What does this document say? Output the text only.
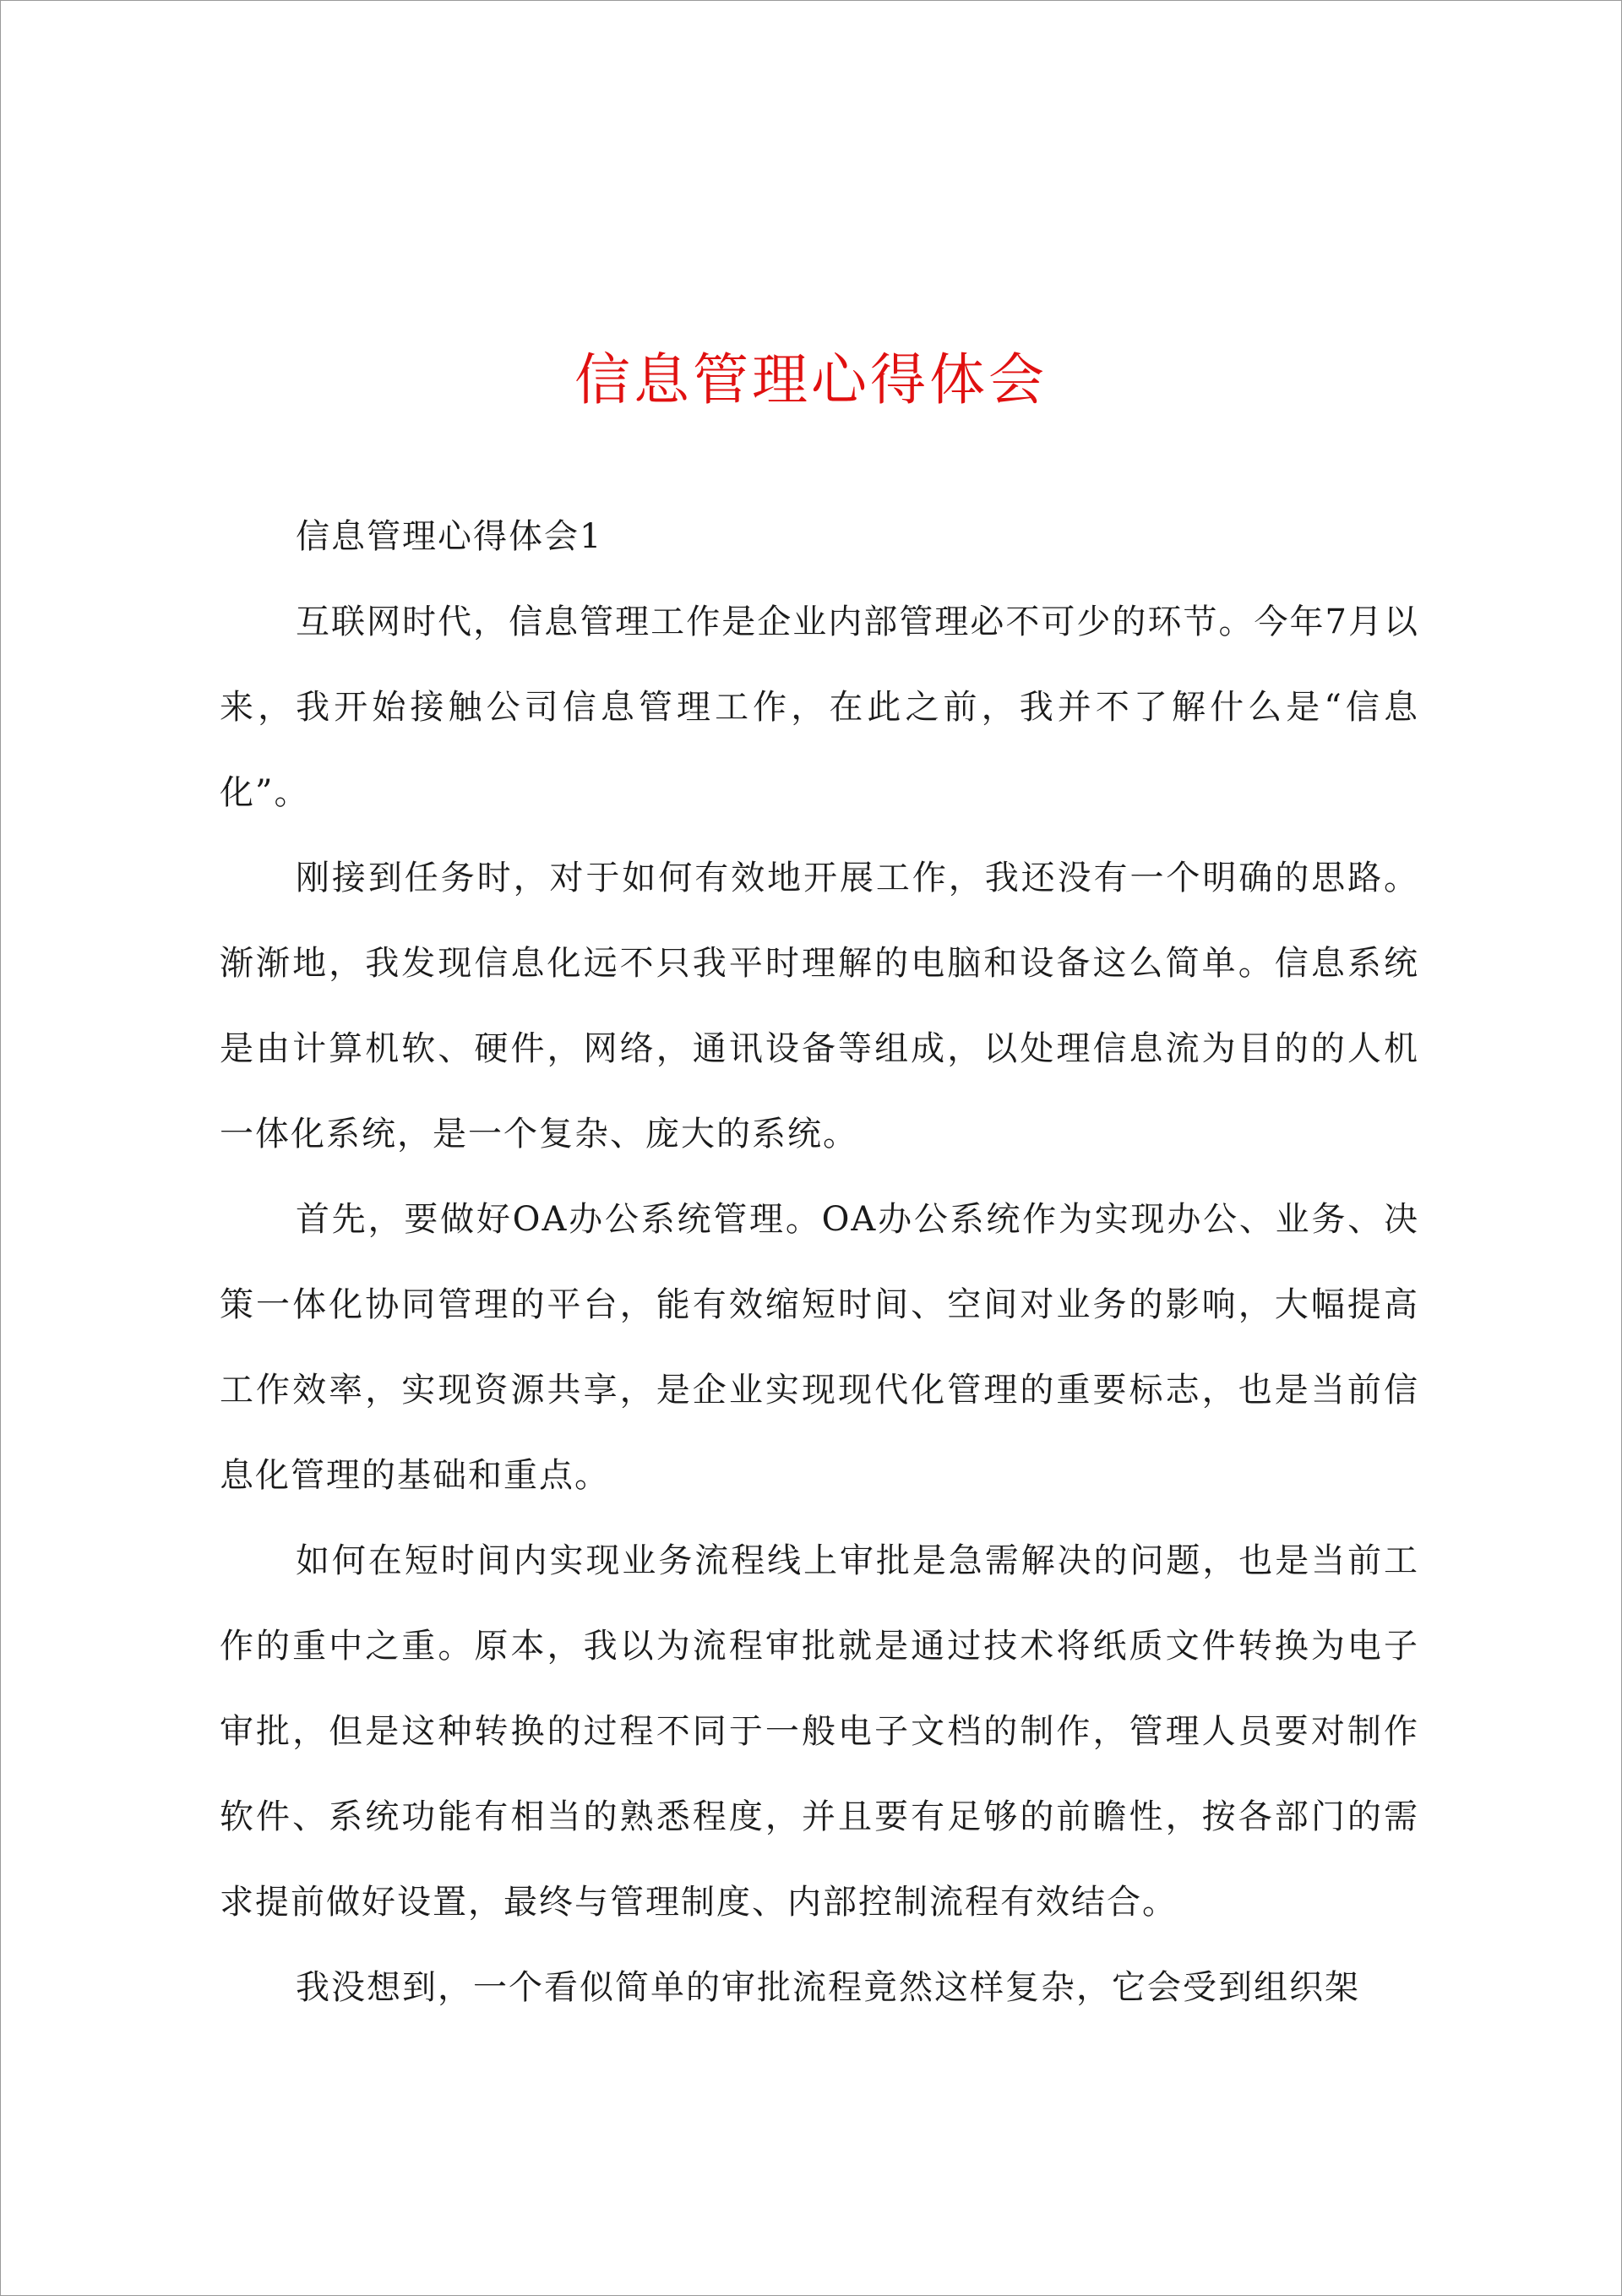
信息管理心得体会

信息管理心得体会1

互联网时代，信息管理工作是企业内部管理必不可少的环节。今年7月以来，我开始接触公司信息管理工作，在此之前，我并不了解什么是“信息化”。

刚接到任务时，对于如何有效地开展工作，我还没有一个明确的思路。渐渐地，我发现信息化远不只我平时理解的电脑和设备这么简单。信息系统是由计算机软、硬件，网络，通讯设备等组成，以处理信息流为目的的人机一体化系统，是一个复杂、庞大的系统。

首先，要做好OA办公系统管理。OA办公系统作为实现办公、业务、决策一体化协同管理的平台，能有效缩短时间、空间对业务的影响，大幅提高工作效率，实现资源共享，是企业实现现代化管理的重要标志，也是当前信息化管理的基础和重点。

如何在短时间内实现业务流程线上审批是急需解决的问题，也是当前工作的重中之重。原本，我以为流程审批就是通过技术将纸质文件转换为电子审批，但是这种转换的过程不同于一般电子文档的制作，管理人员要对制作软件、系统功能有相当的熟悉程度，并且要有足够的前瞻性，按各部门的需求提前做好设置，最终与管理制度、内部控制流程有效结合。

我没想到，一个看似简单的审批流程竟然这样复杂，它会受到组织架
